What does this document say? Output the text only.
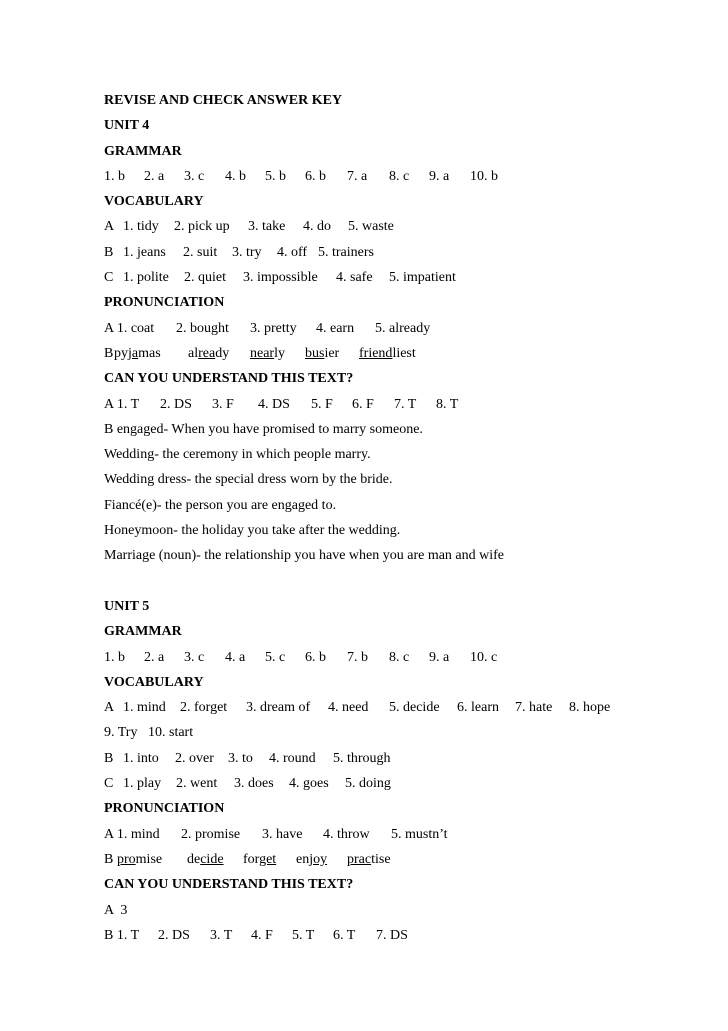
REVISE AND CHECK ANSWER KEY
UNIT 4
GRAMMAR
1. b 2. a 3. c 4. b 5. b 6. b 7. a 8. c 9. a 10. b
VOCABULARY
A 1. tidy 2. pick up 3. take 4. do 5. waste
B 1. jeans 2. suit 3. try 4. off 5. trainers
C 1. polite 2. quiet 3. impossible 4. safe 5. impatient
PRONUNCIATION
A 1. coat 2. bought 3. pretty 4. earn 5. already
Bpyjamas already nearly busier friendliest
CAN YOU UNDERSTAND THIS TEXT?
A 1. T 2. DS 3. F 4. DS 5. F 6. F 7. T 8. T
B engaged- When you have promised to marry someone.
Wedding- the ceremony in which people marry.
Wedding dress- the special dress worn by the bride.
Fiancé(e)- the person you are engaged to.
Honeymoon- the holiday you take after the wedding.
Marriage (noun)- the relationship you have when you are man and wife
UNIT 5
GRAMMAR
1. b 2. a 3. c 4. a 5. c 6. b 7. b 8. c 9. a 10. c
VOCABULARY
A 1. mind 2. forget 3. dream of 4. need 5. decide 6. learn 7. hate 8. hope
9. Try 10. start
B 1. into 2. over 3. to 4. round 5. through
C 1. play 2. went 3. does 4. goes 5. doing
PRONUNCIATION
A 1. mind 2. promise 3. have 4. throw 5. mustn’t
B promise decide forget enjoy practise
CAN YOU UNDERSTAND THIS TEXT?
A  3
B 1. T 2. DS 3. T 4. F 5. T 6. T 7. DS
